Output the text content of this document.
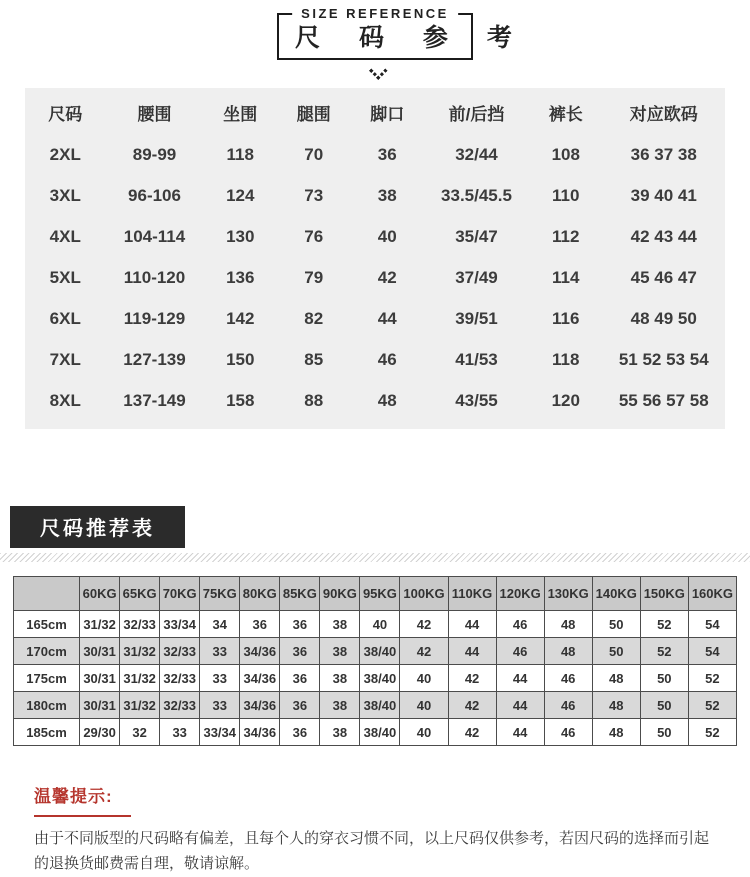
SIZE REFERENCE
尺 码 参 考
尺码	腰围	坐围	腿围	脚口	前/后挡	裤长	对应欧码
2XL	89-99	118	70	36	32/44	108	36 37 38
3XL	96-106	124	73	38	33.5/45.5	110	39 40 41
4XL	104-114	130	76	40	35/47	112	42 43 44
5XL	110-120	136	79	42	37/49	114	45 46 47
6XL	119-129	142	82	44	39/51	116	48 49 50
7XL	127-139	150	85	46	41/53	118	51 52 53 54
8XL	137-149	158	88	48	43/55	120	55 56 57 58
尺码推荐表
	60KG	65KG	70KG	75KG	80KG	85KG	90KG	95KG	100KG	110KG	120KG	130KG	140KG	150KG	160KG
165cm	31/32	32/33	33/34	34	36	36	38	40	42	44	46	48	50	52	54
170cm	30/31	31/32	32/33	33	34/36	36	38	38/40	42	44	46	48	50	52	54
175cm	30/31	31/32	32/33	33	34/36	36	38	38/40	40	42	44	46	48	50	52
180cm	30/31	31/32	32/33	33	34/36	36	38	38/40	40	42	44	46	48	50	52
185cm	29/30	32	33	33/34	34/36	36	38	38/40	40	42	44	46	48	50	52
温馨提示:
由于不同版型的尺码略有偏差，且每个人的穿衣习惯不同，以上尺码仅供参考，若因尺码的选择而引起的退换货邮费需自理，敬请谅解。
